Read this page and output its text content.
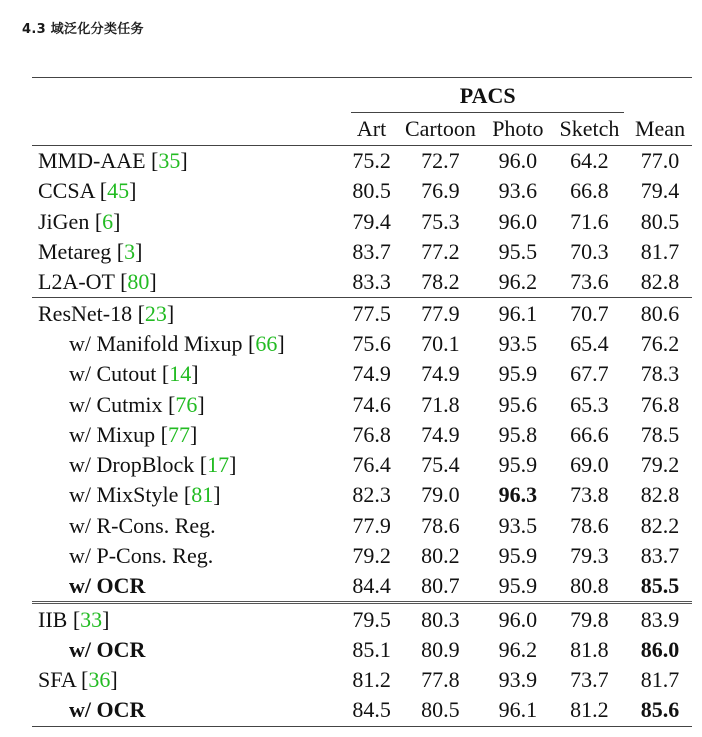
4.3 域泛化分类任务
	PACS			

	Art	Cartoon	Photo	Sketch	Mean
MMD-AAE [35]	75.2	72.7	96.0	64.2	77.0
CCSA [45]	80.5	76.9	93.6	66.8	79.4
JiGen [6]	79.4	75.3	96.0	71.6	80.5
Metareg [3]	83.7	77.2	95.5	70.3	81.7
L2A-OT [80]	83.3	78.2	96.2	73.6	82.8
ResNet-18 [23]	77.5	77.9	96.1	70.7	80.6
w/ Manifold Mixup [66]	75.6	70.1	93.5	65.4	76.2
w/ Cutout [14]	74.9	74.9	95.9	67.7	78.3
w/ Cutmix [76]	74.6	71.8	95.6	65.3	76.8
w/ Mixup [77]	76.8	74.9	95.8	66.6	78.5
w/ DropBlock [17]	76.4	75.4	95.9	69.0	79.2
w/ MixStyle [81]	82.3	79.0	96.3	73.8	82.8
w/ R-Cons. Reg.	77.9	78.6	93.5	78.6	82.2
w/ P-Cons. Reg.	79.2	80.2	95.9	79.3	83.7
w/ OCR	84.4	80.7	95.9	80.8	85.5
IIB [33]	79.5	80.3	96.0	79.8	83.9
w/ OCR	85.1	80.9	96.2	81.8	86.0
SFA [36]	81.2	77.8	93.9	73.7	81.7
w/ OCR	84.5	80.5	96.1	81.2	85.6
